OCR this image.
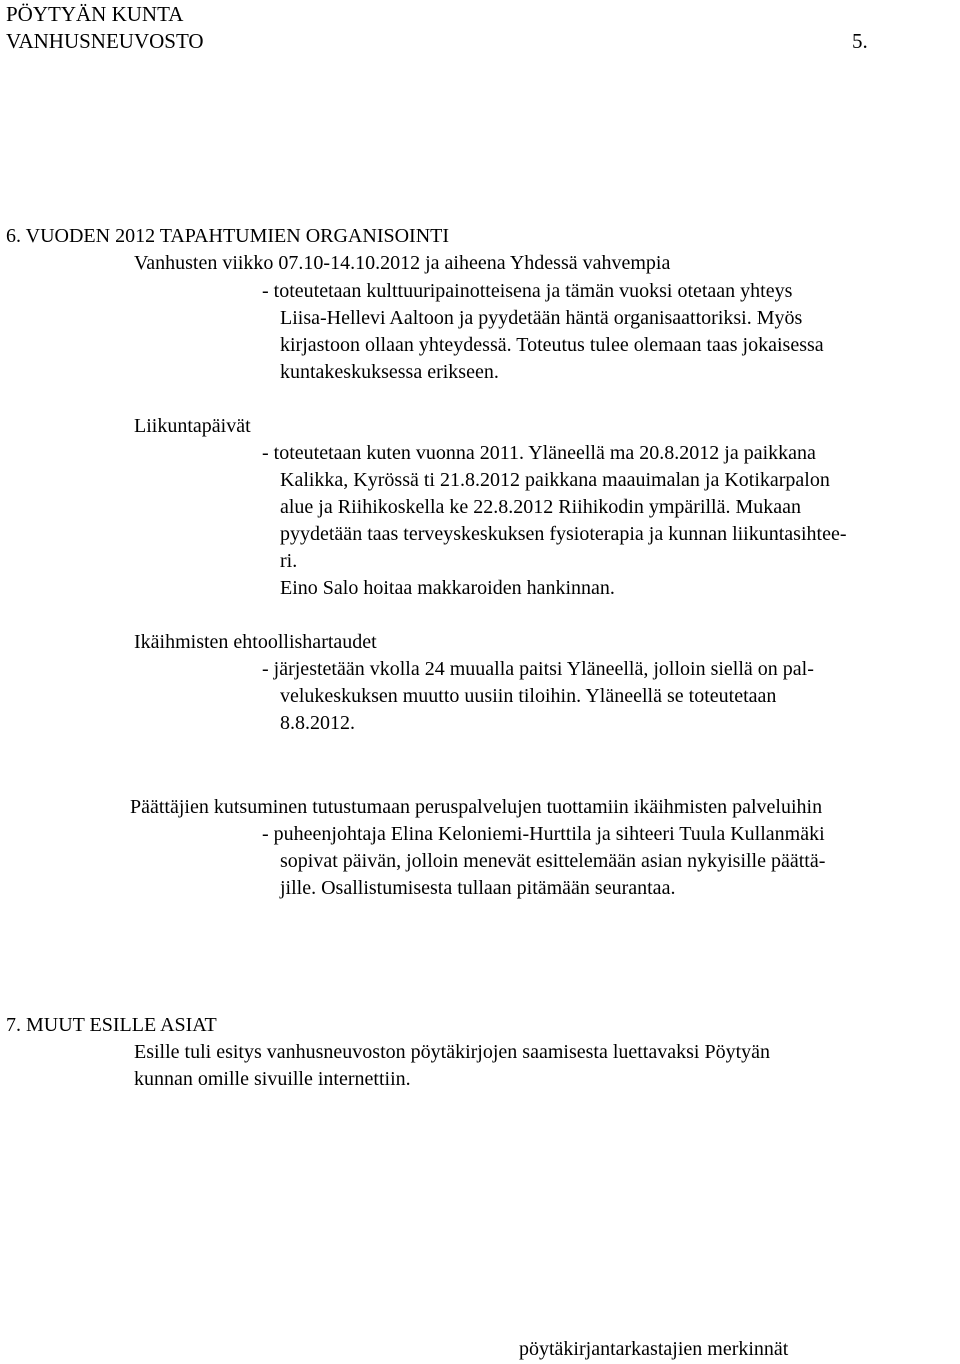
PÖYTYÄN KUNTA
VANHUSNEUVOSTO	5.
6. VUODEN 2012 TAPAHTUMIEN ORGANISOINTI
Vanhusten viikko 07.10-14.10.2012 ja aiheena Yhdessä vahvempia
- toteutetaan kulttuuripainotteisena ja tämän vuoksi otetaan yhteys
Liisa-Hellevi Aaltoon ja pyydetään häntä organisaattoriksi. Myös
kirjastoon ollaan yhteydessä. Toteutus tulee olemaan taas jokaisessa
kuntakeskuksessa erikseen.
Liikuntapäivät
- toteutetaan kuten vuonna 2011. Yläneellä ma 20.8.2012 ja paikkana
Kalikka, Kyrössä ti 21.8.2012 paikkana maauimalan ja Kotikarpalon
alue ja Riihikoskella ke 22.8.2012 Riihikodin ympärillä. Mukaan
pyydetään taas terveyskeskuksen fysioterapia ja kunnan liikuntasihtee-
ri.
Eino Salo hoitaa makkaroiden hankinnan.
Ikäihmisten ehtoollishartaudet
- järjestetään vkolla 24 muualla paitsi Yläneellä, jolloin siellä on pal-
velukeskuksen muutto uusiin tiloihin. Yläneellä se toteutetaan
8.8.2012.
Päättäjien kutsuminen tutustumaan peruspalvelujen tuottamiin ikäihmisten palveluihin
- puheenjohtaja Elina Keloniemi-Hurttila ja sihteeri Tuula Kullanmäki
sopivat päivän, jolloin menevät esittelemään asian nykyisille päättä-
jille. Osallistumisesta tullaan pitämään seurantaa.
7. MUUT ESILLE ASIAT
Esille tuli esitys vanhusneuvoston pöytäkirjojen saamisesta luettavaksi Pöytyän
kunnan omille sivuille internettiin.
pöytäkirjantarkastajien merkinnät
